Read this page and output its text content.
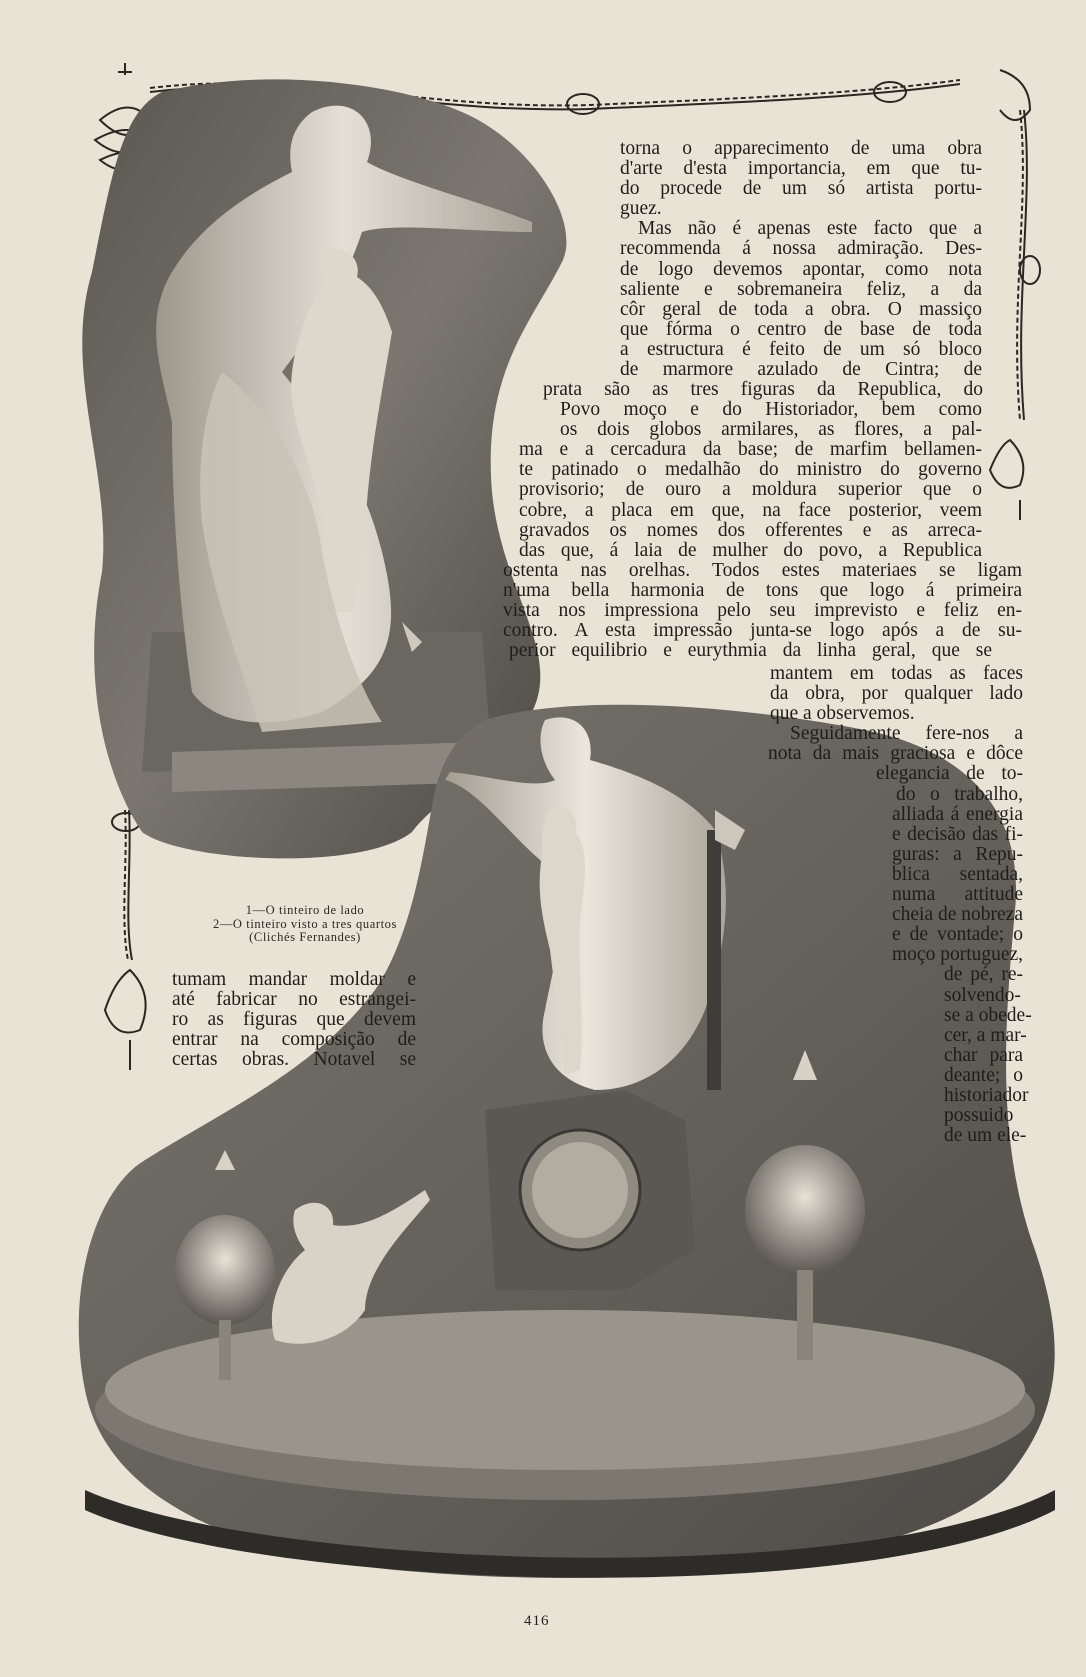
torna o apparecimento de uma obra
d'arte d'esta importancia, em que tu-
do procede de um só artista portu-
guez.
Mas não é apenas este facto que a
recommenda á nossa admiração. Des-
de logo devemos apontar, como nota
saliente e sobremaneira feliz, a da
côr geral de toda a obra. O massiço
que fórma o centro de base de toda
a estructura é feito de um só bloco
de marmore azulado de Cintra; de
prata são as tres figuras da Republica, do
Povo moço e do Historiador, bem como
os dois globos armilares, as flores, a pal-
ma e a cercadura da base; de marfim bellamen-
te patinado o medalhão do ministro do governo
provisorio; de ouro a moldura superior que o
cobre, a placa em que, na face posterior, veem
gravados os nomes dos offerentes e as arreca-
das que, á laia de mulher do povo, a Republica
ostenta nas orelhas. Todos estes materiaes se ligam
n'uma bella harmonia de tons que logo á primeira
vista nos impressiona pelo seu imprevisto e feliz en-
contro. A esta impressão junta-se logo após a de su-
perior equilibrio e eurythmia da linha geral, que se
mantem em todas as faces
da obra, por qualquer lado
que a observemos.
Seguidamente fere-nos a
nota da mais graciosa e dôce
elegancia de to-
do o trabalho,
alliada á energia
e decisão das fi-
guras: a Repu-
blica sentada,
numa attitude
cheia de nobreza
e de vontade; o
moço portuguez,
de pé, re-
solvendo-
se a obede-
cer, a mar-
char para
deante; o
historiador
possuido
de um ele-
1—O tinteiro de lado
2—O tinteiro visto a tres quartos
(Clichés Fernandes)
tumam mandar moldar e
até fabricar no estrangei-
ro as figuras que devem
entrar na composição de
certas obras. Notavel se
416
